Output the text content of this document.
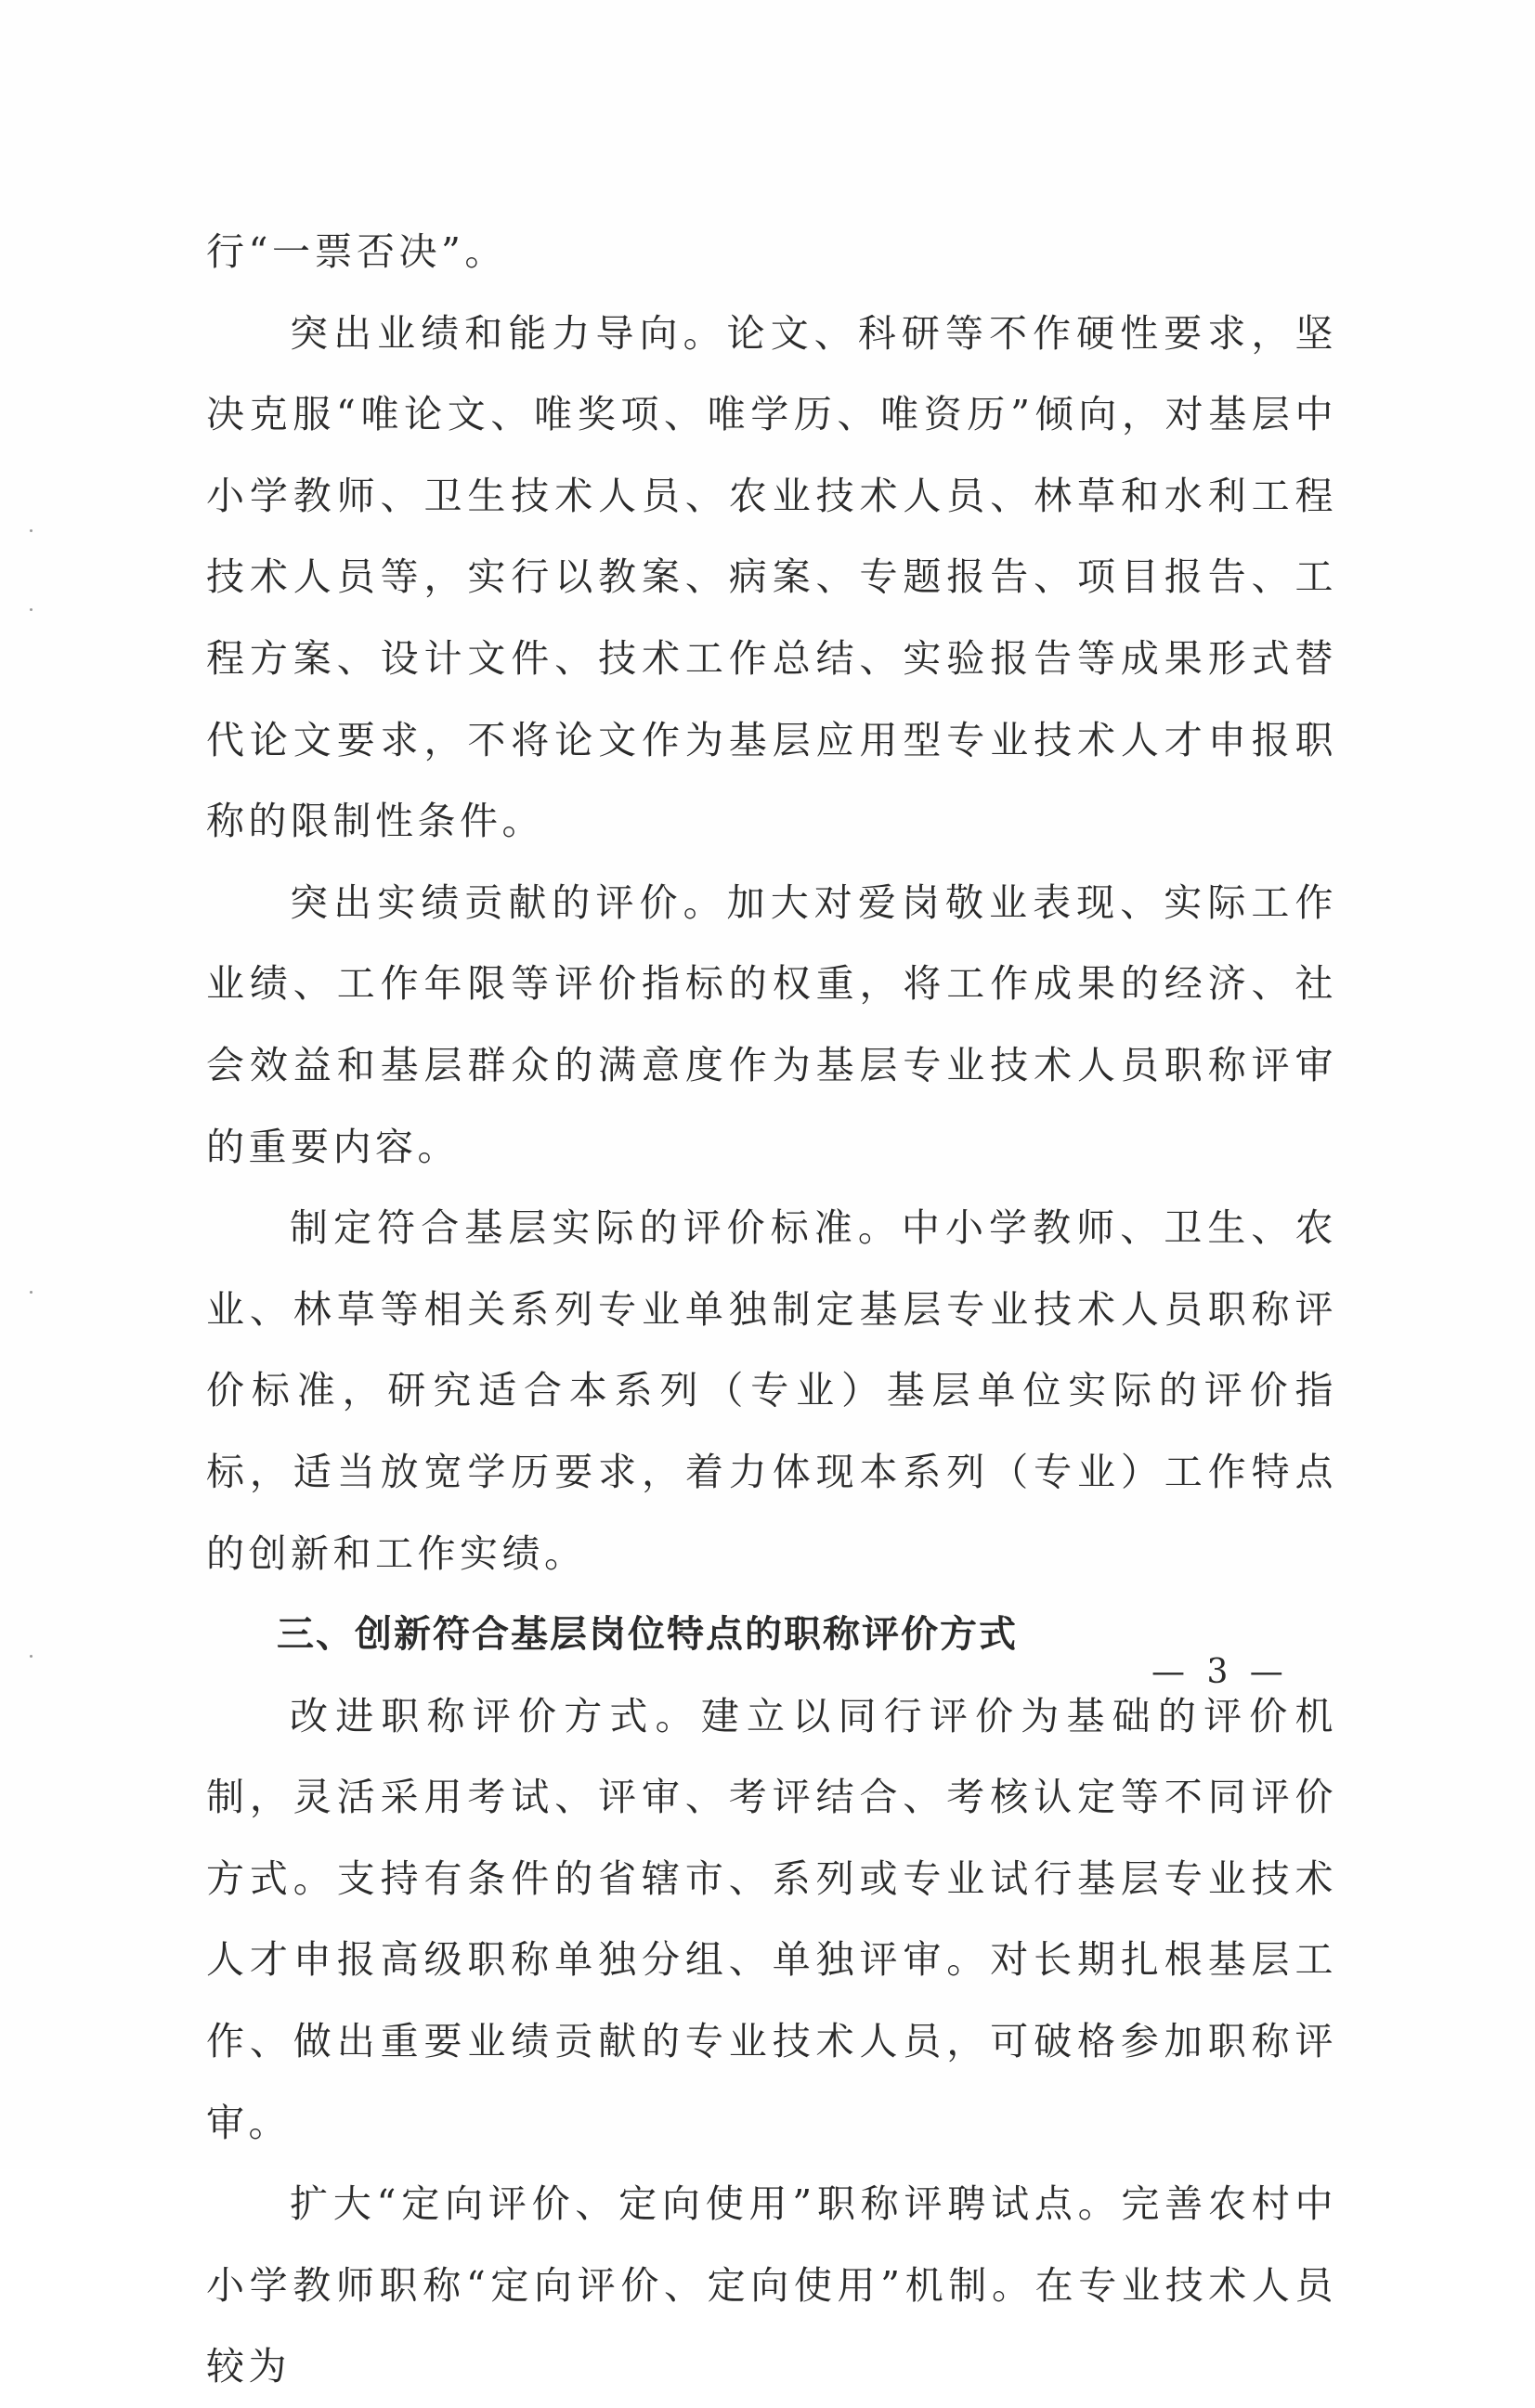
行“一票否决”。

突出业绩和能力导向。论文、科研等不作硬性要求，坚决克服“唯论文、唯奖项、唯学历、唯资历”倾向，对基层中小学教师、卫生技术人员、农业技术人员、林草和水利工程技术人员等，实行以教案、病案、专题报告、项目报告、工程方案、设计文件、技术工作总结、实验报告等成果形式替代论文要求，不将论文作为基层应用型专业技术人才申报职称的限制性条件。

突出实绩贡献的评价。加大对爱岗敬业表现、实际工作业绩、工作年限等评价指标的权重，将工作成果的经济、社会效益和基层群众的满意度作为基层专业技术人员职称评审的重要内容。

制定符合基层实际的评价标准。中小学教师、卫生、农业、林草等相关系列专业单独制定基层专业技术人员职称评价标准，研究适合本系列（专业）基层单位实际的评价指标，适当放宽学历要求，着力体现本系列（专业）工作特点的创新和工作实绩。

三、创新符合基层岗位特点的职称评价方式

改进职称评价方式。建立以同行评价为基础的评价机制，灵活采用考试、评审、考评结合、考核认定等不同评价方式。支持有条件的省辖市、系列或专业试行基层专业技术人才申报高级职称单独分组、单独评审。对长期扎根基层工作、做出重要业绩贡献的专业技术人员，可破格参加职称评审。

扩大“定向评价、定向使用”职称评聘试点。完善农村中小学教师职称“定向评价、定向使用”机制。在专业技术人员较为

— 3 —
